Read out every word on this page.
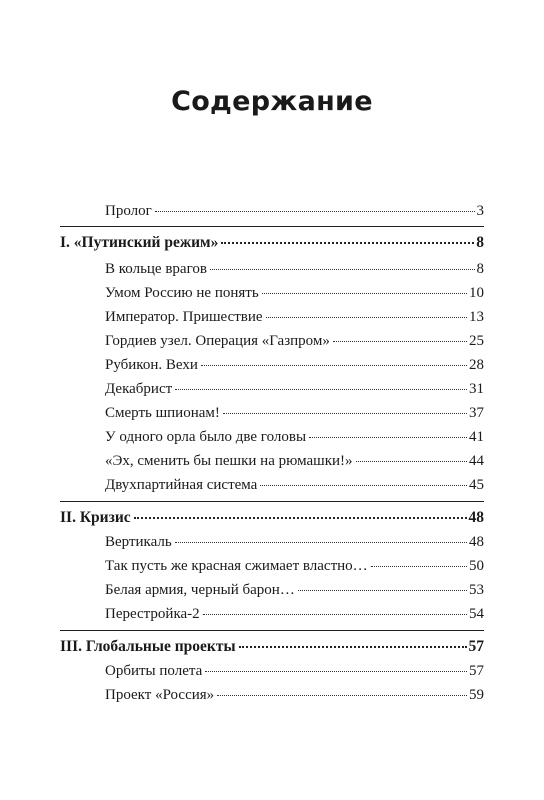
Содержание
Пролог	3
I. «Путинский режим»	8
В кольце врагов	8
Умом Россию не понять	10
Император. Пришествие	13
Гордиев узел. Операция «Газпром»	25
Рубикон. Вехи	28
Декабрист	31
Смерть шпионам!	37
У одного орла было две головы	41
«Эх, сменить бы пешки на рюмашки!»	44
Двухпартийная система	45
II. Кризис	48
Вертикаль	48
Так пусть же красная сжимает властно…	50
Белая армия, черный барон…	53
Перестройка-2	54
III. Глобальные проекты	57
Орбиты полета	57
Проект «Россия»	59
